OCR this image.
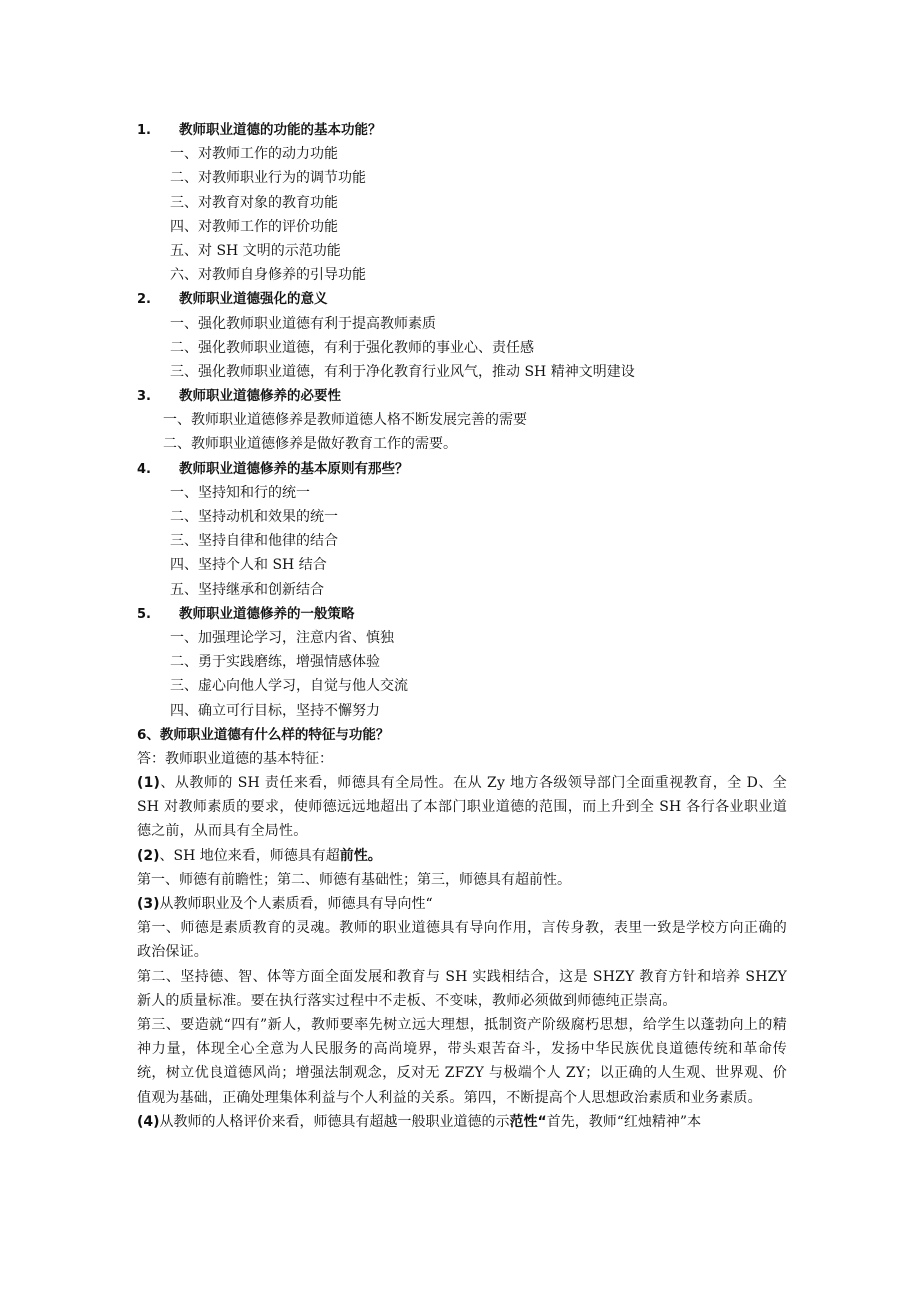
1. 教师职业道德的功能的基本功能？
一、对教师工作的动力功能
二、对教师职业行为的调节功能
三、对教育对象的教育功能
四、对教师工作的评价功能
五、对 SH 文明的示范功能
六、对教师自身修养的引导功能
2. 教师职业道德强化的意义
一、强化教师职业道德有利于提高教师素质
二、强化教师职业道德，有利于强化教师的事业心、责任感
三、强化教师职业道德，有利于净化教育行业风气，推动 SH 精神文明建设
3. 教师职业道德修养的必要性
一、教师职业道德修养是教师道德人格不断发展完善的需要
二、教师职业道德修养是做好教育工作的需要。
4. 教师职业道德修养的基本原则有那些？
一、坚持知和行的统一
二、坚持动机和效果的统一
三、坚持自律和他律的结合
四、坚持个人和 SH 结合
五、坚持继承和创新结合
5. 教师职业道德修养的一般策略
一、加强理论学习，注意内省、慎独
二、勇于实践磨练，增强情感体验
三、虚心向他人学习，自觉与他人交流
四、确立可行目标，坚持不懈努力
6、教师职业道德有什么样的特征与功能？
答：教师职业道德的基本特征：
(1)、从教师的 SH 责任来看，师德具有全局性。在从 Zy 地方各级领导部门全面重视教育，全 D、全 SH 对教师素质的要求，使师德远远地超出了本部门职业道德的范围，而上升到全 SH 各行各业职业道德之前，从而具有全局性。
(2)、SH 地位来看，师德具有超前性。
第一、师德有前瞻性；第二、师德有基础性；第三，师德具有超前性。
(3)从教师职业及个人素质看，师德具有导向性“
第一、师德是素质教育的灵魂。教师的职业道德具有导向作用，言传身教，表里一致是学校方向正确的政治保证。
第二、坚持德、智、体等方面全面发展和教育与 SH 实践相结合，这是 SHZY 教育方针和培养 SHZY 新人的质量标准。要在执行落实过程中不走板、不变味，教师必须做到师德纯正崇高。
第三、要造就“四有”新人，教师要率先树立远大理想，抵制资产阶级腐朽思想，给学生以蓬勃向上的精神力量，体现全心全意为人民服务的高尚境界，带头艰苦奋斗，发扬中华民族优良道德传统和革命传统，树立优良道德风尚；增强法制观念，反对无 ZFZY 与极端个人 ZY；以正确的人生观、世界观、价值观为基础，正确处理集体利益与个人利益的关系。第四，不断提高个人思想政治素质和业务素质。
(4)从教师的人格评价来看，师德具有超越一般职业道德的示范性“首先，教师“红烛精神”本
